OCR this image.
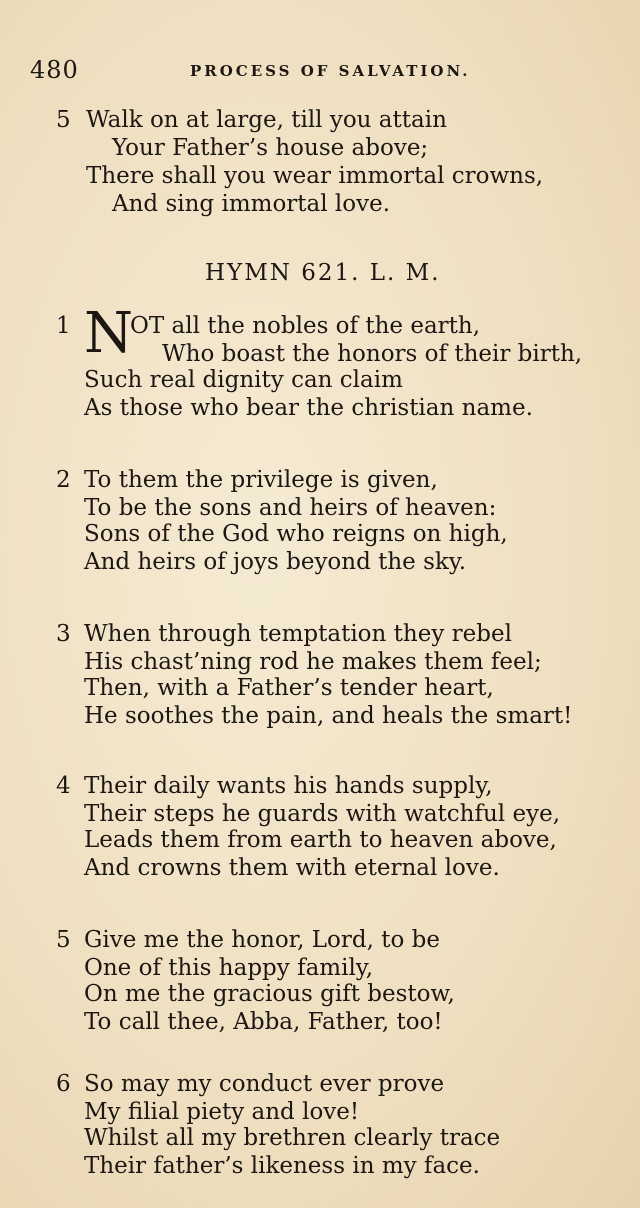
480	PROCESS OF SALVATION.
5 Walk on at large, till you attain
Your Father’s house above;
There shall you wear immortal crowns,
And sing immortal love.
HYMN 621. L. M.
1 N
OT all the nobles of the earth,
Who boast the honors of their birth,
Such real dignity can claim
As those who bear the christian name.
2 To them the privilege is given,
To be the sons and heirs of heaven:
Sons of the God who reigns on high,
And heirs of joys beyond the sky.
3 When through temptation they rebel
His chast’ning rod he makes them feel;
Then, with a Father’s tender heart,
He soothes the pain, and heals the smart!
4 Their daily wants his hands supply,
Their steps he guards with watchful eye,
Leads them from earth to heaven above,
And crowns them with eternal love.
5 Give me the honor, Lord, to be
One of this happy family,
On me the gracious gift bestow,
To call thee, Abba, Father, too!
6 So may my conduct ever prove
My filial piety and love!
Whilst all my brethren clearly trace
Their father’s likeness in my face.
